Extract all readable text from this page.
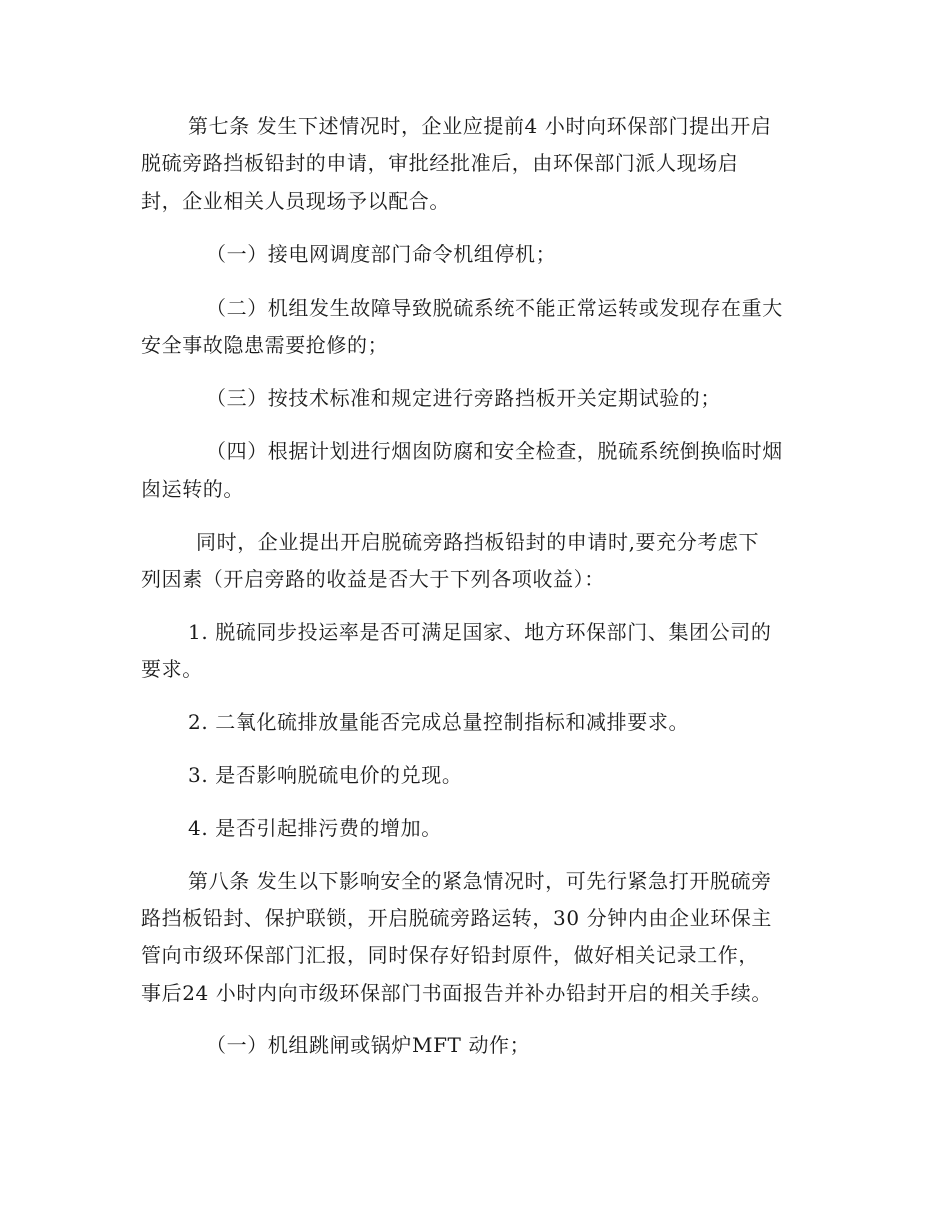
第七条 发生下述情况时，企业应提前4 小时向环保部门提出开启
脱硫旁路挡板铅封的申请，审批经批准后，由环保部门派人现场启
封，企业相关人员现场予以配合。
（一）接电网调度部门命令机组停机；
（二）机组发生故障导致脱硫系统不能正常运转或发现存在重大
安全事故隐患需要抢修的；
（三）按技术标准和规定进行旁路挡板开关定期试验的；
（四）根据计划进行烟囱防腐和安全检查，脱硫系统倒换临时烟
囱运转的。
同时，企业提出开启脱硫旁路挡板铅封的申请时,要充分考虑下
列因素（开启旁路的收益是否大于下列各项收益）：
1. 脱硫同步投运率是否可满足国家、地方环保部门、集团公司的
要求。
2. 二氧化硫排放量能否完成总量控制指标和减排要求。
3. 是否影响脱硫电价的兑现。
4. 是否引起排污费的增加。
第八条 发生以下影响安全的紧急情况时，可先行紧急打开脱硫旁
路挡板铅封、保护联锁，开启脱硫旁路运转，30 分钟内由企业环保主
管向市级环保部门汇报，同时保存好铅封原件，做好相关记录工作，
事后24 小时内向市级环保部门书面报告并补办铅封开启的相关手续。
（一）机组跳闸或锅炉MFT 动作；
